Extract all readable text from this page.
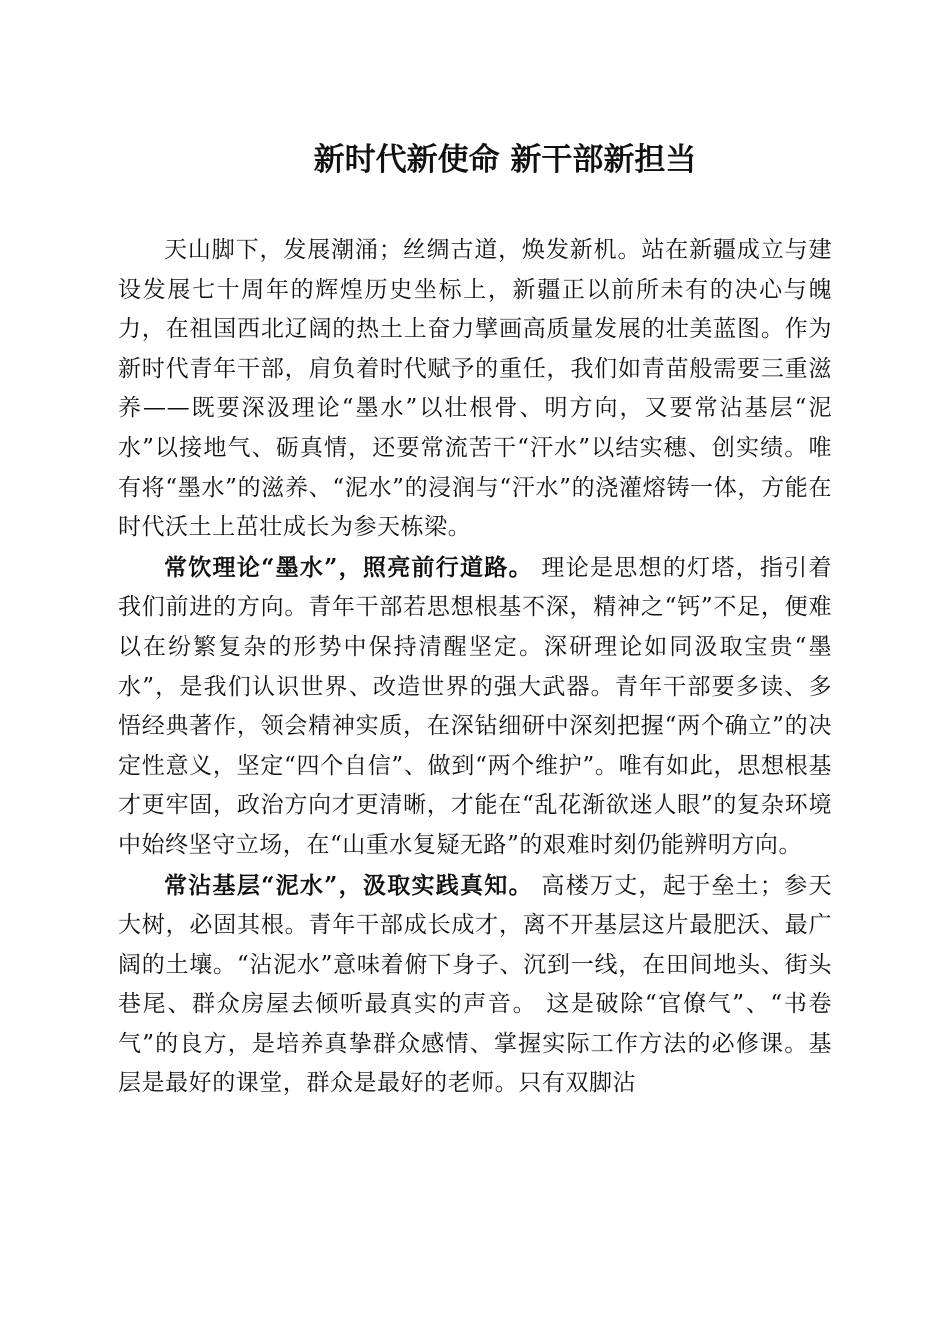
新时代新使命 新干部新担当

天山脚下，发展潮涌；丝绸古道，焕发新机。站在新疆成立与建设发展七十周年的辉煌历史坐标上，新疆正以前所未有的决心与魄力，在祖国西北辽阔的热土上奋力擘画高质量发展的壮美蓝图。作为新时代青年干部，肩负着时代赋予的重任，我们如青苗般需要三重滋养——既要深汲理论“墨水”以壮根骨、明方向，又要常沾基层“泥水”以接地气、砺真情，还要常流苦干“汗水”以结实穗、创实绩。唯有将“墨水”的滋养、“泥水”的浸润与“汗水”的浇灌熔铸一体，方能在时代沃土上茁壮成长为参天栋梁。

常饮理论“墨水”，照亮前行道路。 理论是思想的灯塔，指引着我们前进的方向。青年干部若思想根基不深，精神之“钙”不足，便难以在纷繁复杂的形势中保持清醒坚定。深研理论如同汲取宝贵“墨水”，是我们认识世界、改造世界的强大武器。青年干部要多读、多悟经典著作，领会精神实质，在深钻细研中深刻把握“两个确立”的决定性意义，坚定“四个自信”、做到“两个维护”。唯有如此，思想根基才更牢固，政治方向才更清晰，才能在“乱花渐欲迷人眼”的复杂环境中始终坚守立场，在“山重水复疑无路”的艰难时刻仍能辨明方向。

常沾基层“泥水”，汲取实践真知。 高楼万丈，起于垒土；参天大树，必固其根。青年干部成长成才，离不开基层这片最肥沃、最广阔的土壤。“沾泥水”意味着俯下身子、沉到一线，在田间地头、街头巷尾、群众房屋去倾听最真实的声音。 这是破除“官僚气”、“书卷气”的良方，是培养真挚群众感情、掌握实际工作方法的必修课。基层是最好的课堂，群众是最好的老师。只有双脚沾
